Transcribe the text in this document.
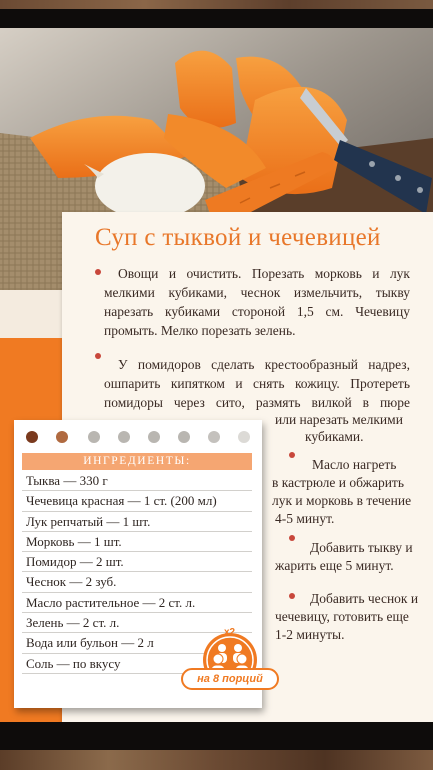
Суп с тыквой и чечевицей
Овощи и очистить. Порезать морковь и лук
мелкими кубиками, чеснок измельчить, тыкву
нарезать кубиками стороной 1,5 см. Чечевицу
промыть. Мелко порезать зелень.
У помидоров сделать крестообразный надрез,
ошпарить кипятком и снять кожицу. Протереть
помидоры через сито, размять вилкой в пюре
или нарезать мелкими
кубиками.
Масло нагреть
в кастрюле и обжарить
лук и морковь в течение
4-5 минут.
Добавить тыкву и
жарить еще 5 минут.
Добавить чеснок и
чечевицу, готовить еще
1-2 минуты.
ИНГРЕДИЕНТЫ:
Тыква — 330 г
Чечевица красная — 1 ст. (200 мл)
Лук репчатый — 1 шт.
Морковь — 1 шт.
Помидор — 2 шт.
Чеснок — 2 зуб.
Масло растительное — 2 ст. л.
Зелень — 2 ст. л.
Вода или бульон — 2 л
Соль — по вкусу
x2
на 8 порций
